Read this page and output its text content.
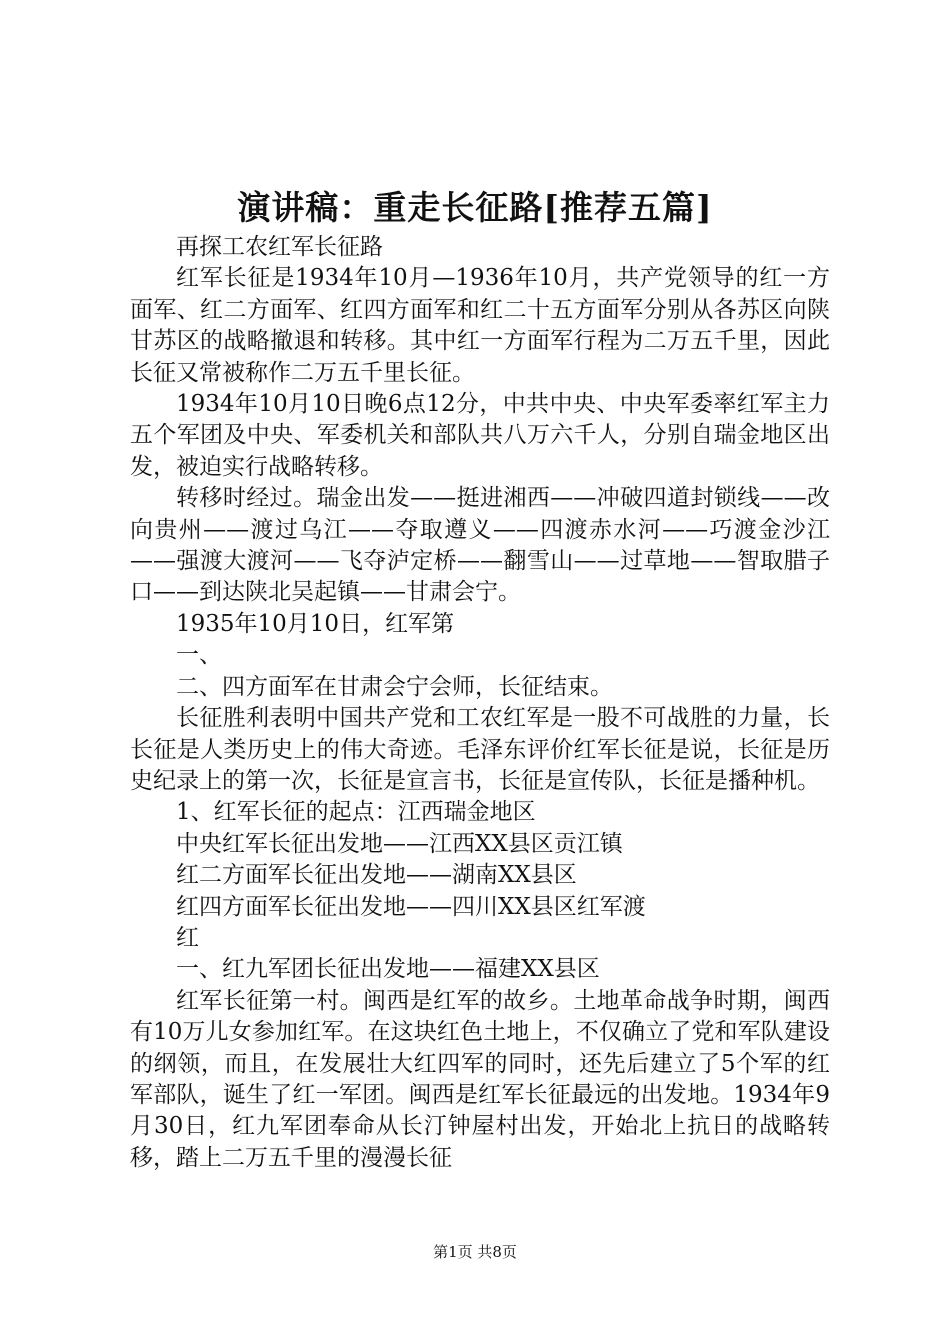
演讲稿：重走长征路[推荐五篇]

再探工农红军长征路

红军长征是1934年10月—1936年10月，共产党领导的红一方面军、红二方面军、红四方面军和红二十五方面军分别从各苏区向陕甘苏区的战略撤退和转移。其中红一方面军行程为二万五千里，因此长征又常被称作二万五千里长征。

1934年10月10日晚6点12分，中共中央、中央军委率红军主力五个军团及中央、军委机关和部队共八万六千人，分别自瑞金地区出发，被迫实行战略转移。

转移时经过。瑞金出发——挺进湘西——冲破四道封锁线——改向贵州——渡过乌江——夺取遵义——四渡赤水河——巧渡金沙江——强渡大渡河——飞夺泸定桥——翻雪山——过草地——智取腊子口——到达陕北吴起镇——甘肃会宁。

1935年10月10日，红军第

一、

二、四方面军在甘肃会宁会师，长征结束。

长征胜利表明中国共产党和工农红军是一股不可战胜的力量，长长征是人类历史上的伟大奇迹。毛泽东评价红军长征是说，长征是历史纪录上的第一次，长征是宣言书，长征是宣传队，长征是播种机。

1、红军长征的起点：江西瑞金地区

中央红军长征出发地——江西XX县区贡江镇

红二方面军长征出发地——湖南XX县区

红四方面军长征出发地——四川XX县区红军渡

红

一、红九军团长征出发地——福建XX县区

红军长征第一村。闽西是红军的故乡。土地革命战争时期，闽西有10万儿女参加红军。在这块红色土地上，不仅确立了党和军队建设的纲领，而且，在发展壮大红四军的同时，还先后建立了5个军的红军部队，诞生了红一军团。闽西是红军长征最远的出发地。1934年9月30日，红九军团奉命从长汀钟屋村出发，开始北上抗日的战略转移，踏上二万五千里的漫漫长征

第1页 共8页
